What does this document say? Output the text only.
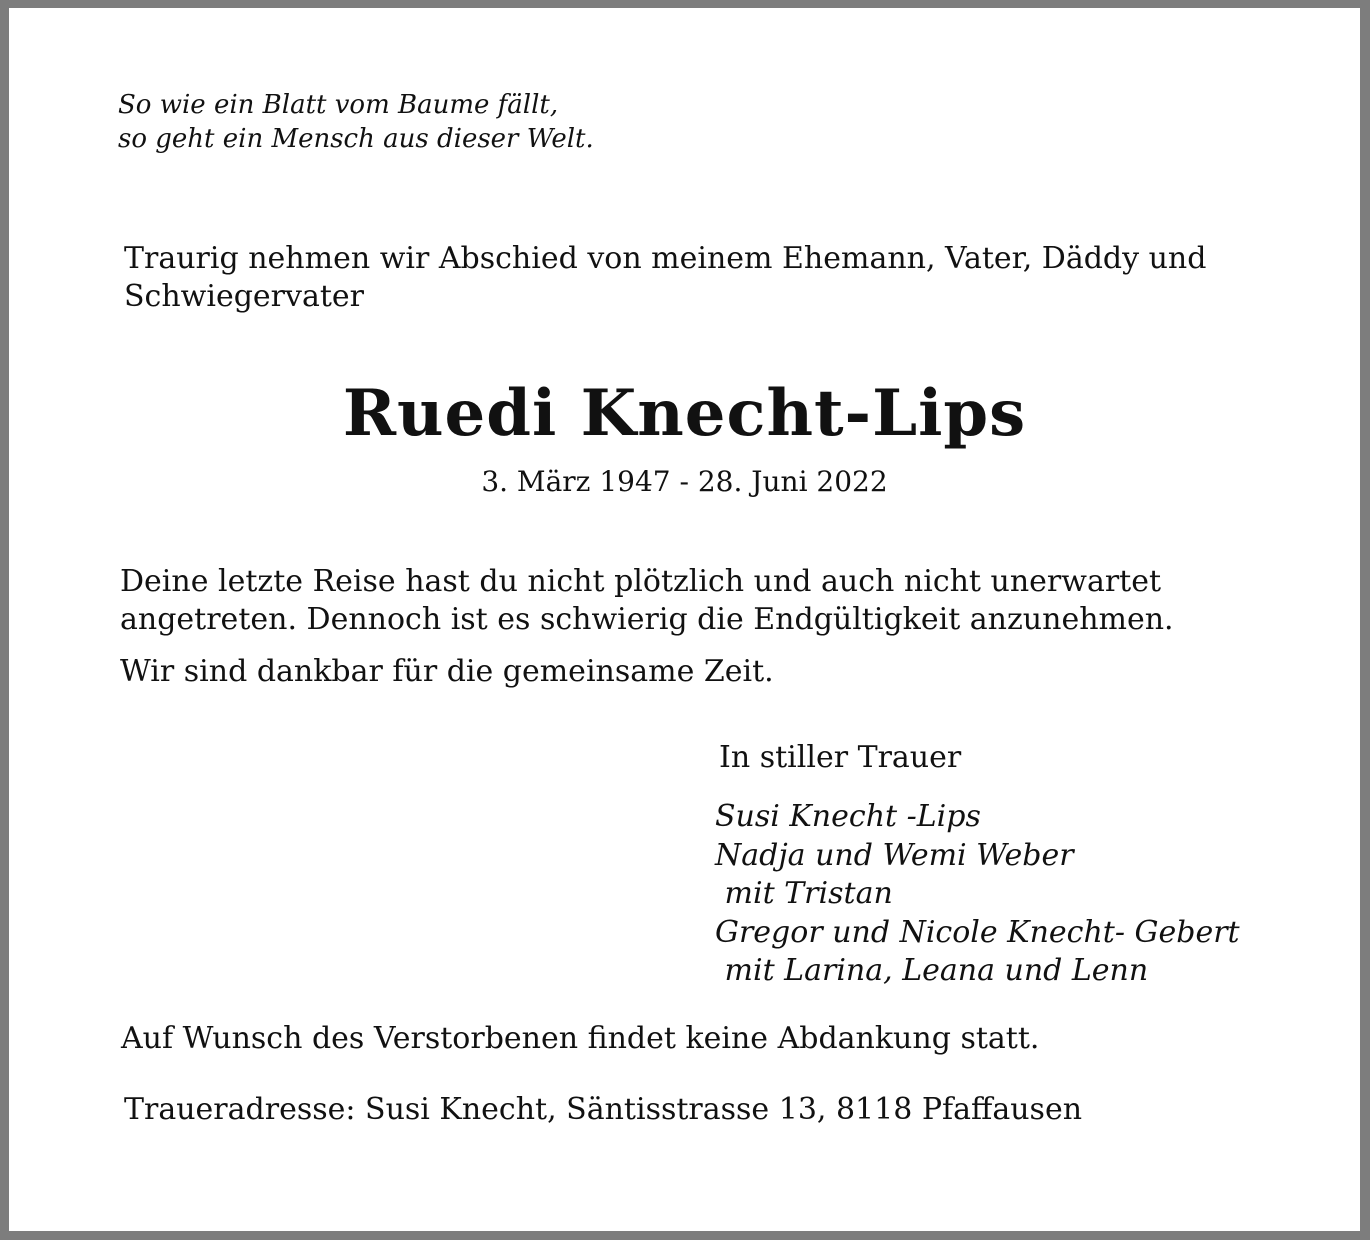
So wie ein Blatt vom Baume fällt,
so geht ein Mensch aus dieser Welt.
Traurig nehmen wir Abschied von meinem Ehemann, Vater, Däddy und Schwiegervater
Ruedi Knecht-Lips
3. März 1947 - 28. Juni 2022
Deine letzte Reise hast du nicht plötzlich und auch nicht unerwartet
angetreten. Dennoch ist es schwierig die Endgültigkeit anzunehmen.
Wir sind dankbar für die gemeinsame Zeit.
In stiller Trauer
Susi Knecht -Lips
Nadja und Wemi Weber
mit Tristan
Gregor und Nicole Knecht- Gebert
mit Larina, Leana und Lenn
Auf Wunsch des Verstorbenen findet keine Abdankung statt.
Traueradresse: Susi Knecht, Säntisstrasse 13, 8118 Pfaffausen
